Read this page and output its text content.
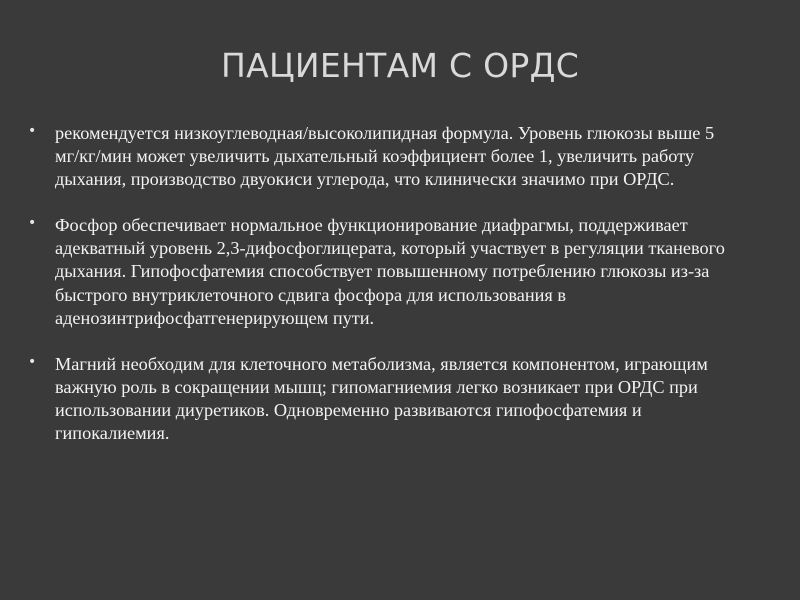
ПАЦИЕНТАМ С ОРДС
• рекомендуется низкоуглеводная/высоколипидная формула. Уровень глюкозы выше 5 мг/кг/мин может увеличить дыхательный коэффициент более 1, увеличить работу дыхания, производство двуокиси углерода, что клинически значимо при ОРДС.
• Фосфор обеспечивает нормальное функционирование диафрагмы, поддерживает адекватный уровень 2,3-дифосфоглицерата, который участвует в регуляции тканевого дыхания. Гипофосфатемия способствует повышенному потреблению глюкозы из-за быстрого внутриклеточного сдвига фосфора для использования в аденозинтрифосфатгенерирующем пути.
• Магний необходим для клеточного метаболизма, является компонентом, играющим важную роль в сокращении мышц; гипомагниемия легко возникает при ОРДС при использовании диуретиков. Одновременно развиваются гипофосфатемия и гипокалиемия.
